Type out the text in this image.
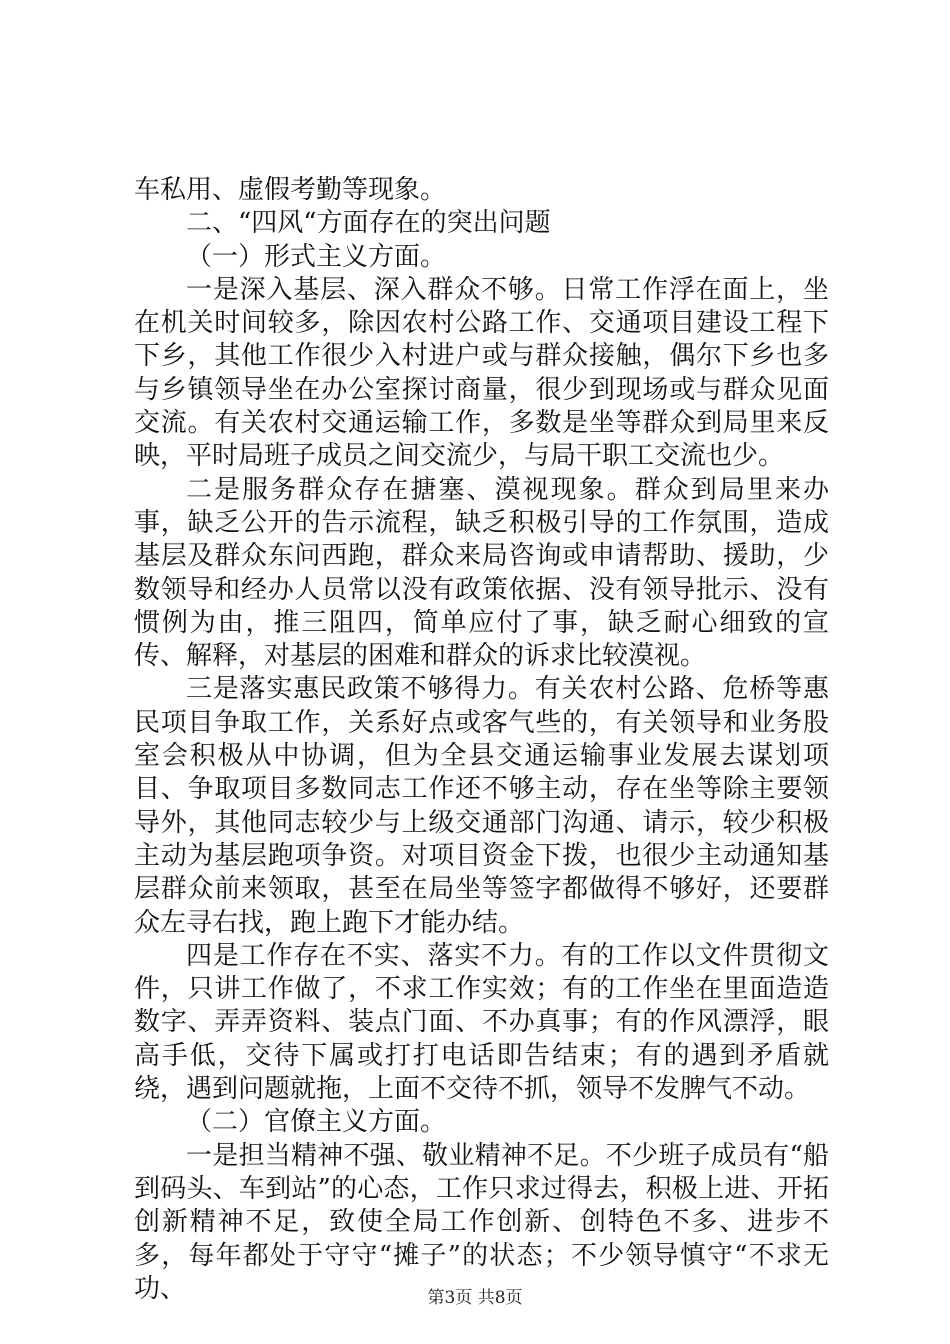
车私用、虚假考勤等现象。

二、“四风“方面存在的突出问题

（一）形式主义方面。

一是深入基层、深入群众不够。日常工作浮在面上，坐在机关时间较多，除因农村公路工作、交通项目建设工程下下乡，其他工作很少入村进户或与群众接触，偶尔下乡也多与乡镇领导坐在办公室探讨商量，很少到现场或与群众见面交流。有关农村交通运输工作，多数是坐等群众到局里来反映，平时局班子成员之间交流少，与局干职工交流也少。

二是服务群众存在搪塞、漠视现象。群众到局里来办事，缺乏公开的告示流程，缺乏积极引导的工作氛围，造成基层及群众东问西跑，群众来局咨询或申请帮助、援助，少数领导和经办人员常以没有政策依据、没有领导批示、没有惯例为由，推三阻四，简单应付了事，缺乏耐心细致的宣传、解释，对基层的困难和群众的诉求比较漠视。

三是落实惠民政策不够得力。有关农村公路、危桥等惠民项目争取工作，关系好点或客气些的，有关领导和业务股室会积极从中协调，但为全县交通运输事业发展去谋划项目、争取项目多数同志工作还不够主动，存在坐等除主要领导外，其他同志较少与上级交通部门沟通、请示，较少积极主动为基层跑项争资。对项目资金下拨，也很少主动通知基层群众前来领取，甚至在局坐等签字都做得不够好，还要群众左寻右找，跑上跑下才能办结。

四是工作存在不实、落实不力。有的工作以文件贯彻文件，只讲工作做了，不求工作实效；有的工作坐在里面造造数字、弄弄资料、装点门面、不办真事；有的作风漂浮，眼高手低，交待下属或打打电话即告结束；有的遇到矛盾就绕，遇到问题就拖，上面不交待不抓，领导不发脾气不动。

（二）官僚主义方面。

一是担当精神不强、敬业精神不足。不少班子成员有“船到码头、车到站”的心态，工作只求过得去，积极上进、开拓创新精神不足，致使全局工作创新、创特色不多、进步不多，每年都处于守守“摊子”的状态；不少领导慎守“不求无功、	第3页 共8页
